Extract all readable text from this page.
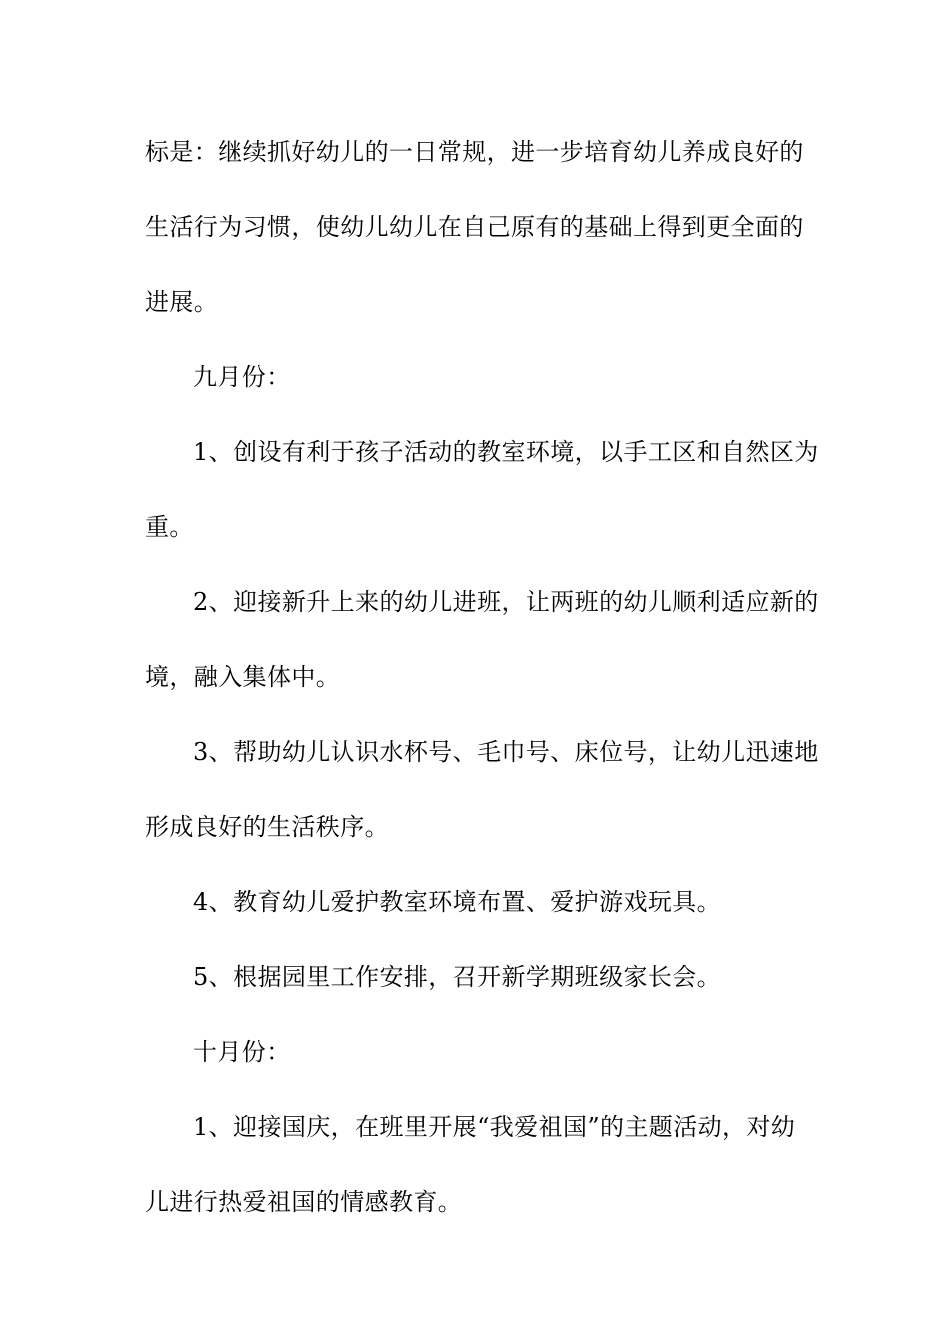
标是：继续抓好幼儿的一日常规，进一步培育幼儿养成良好的
生活行为习惯，使幼儿幼儿在自己原有的基础上得到更全面的
进展。
九月份：
1、创设有利于孩子活动的教室环境，以手工区和自然区为
重。
2、迎接新升上来的幼儿进班，让两班的幼儿顺利适应新的
境，融入集体中。
3、帮助幼儿认识水杯号、毛巾号、床位号，让幼儿迅速地
形成良好的生活秩序。
4、教育幼儿爱护教室环境布置、爱护游戏玩具。
5、根据园里工作安排，召开新学期班级家长会。
十月份：
1、迎接国庆，在班里开展“我爱祖国”的主题活动，对幼
儿进行热爱祖国的情感教育。
